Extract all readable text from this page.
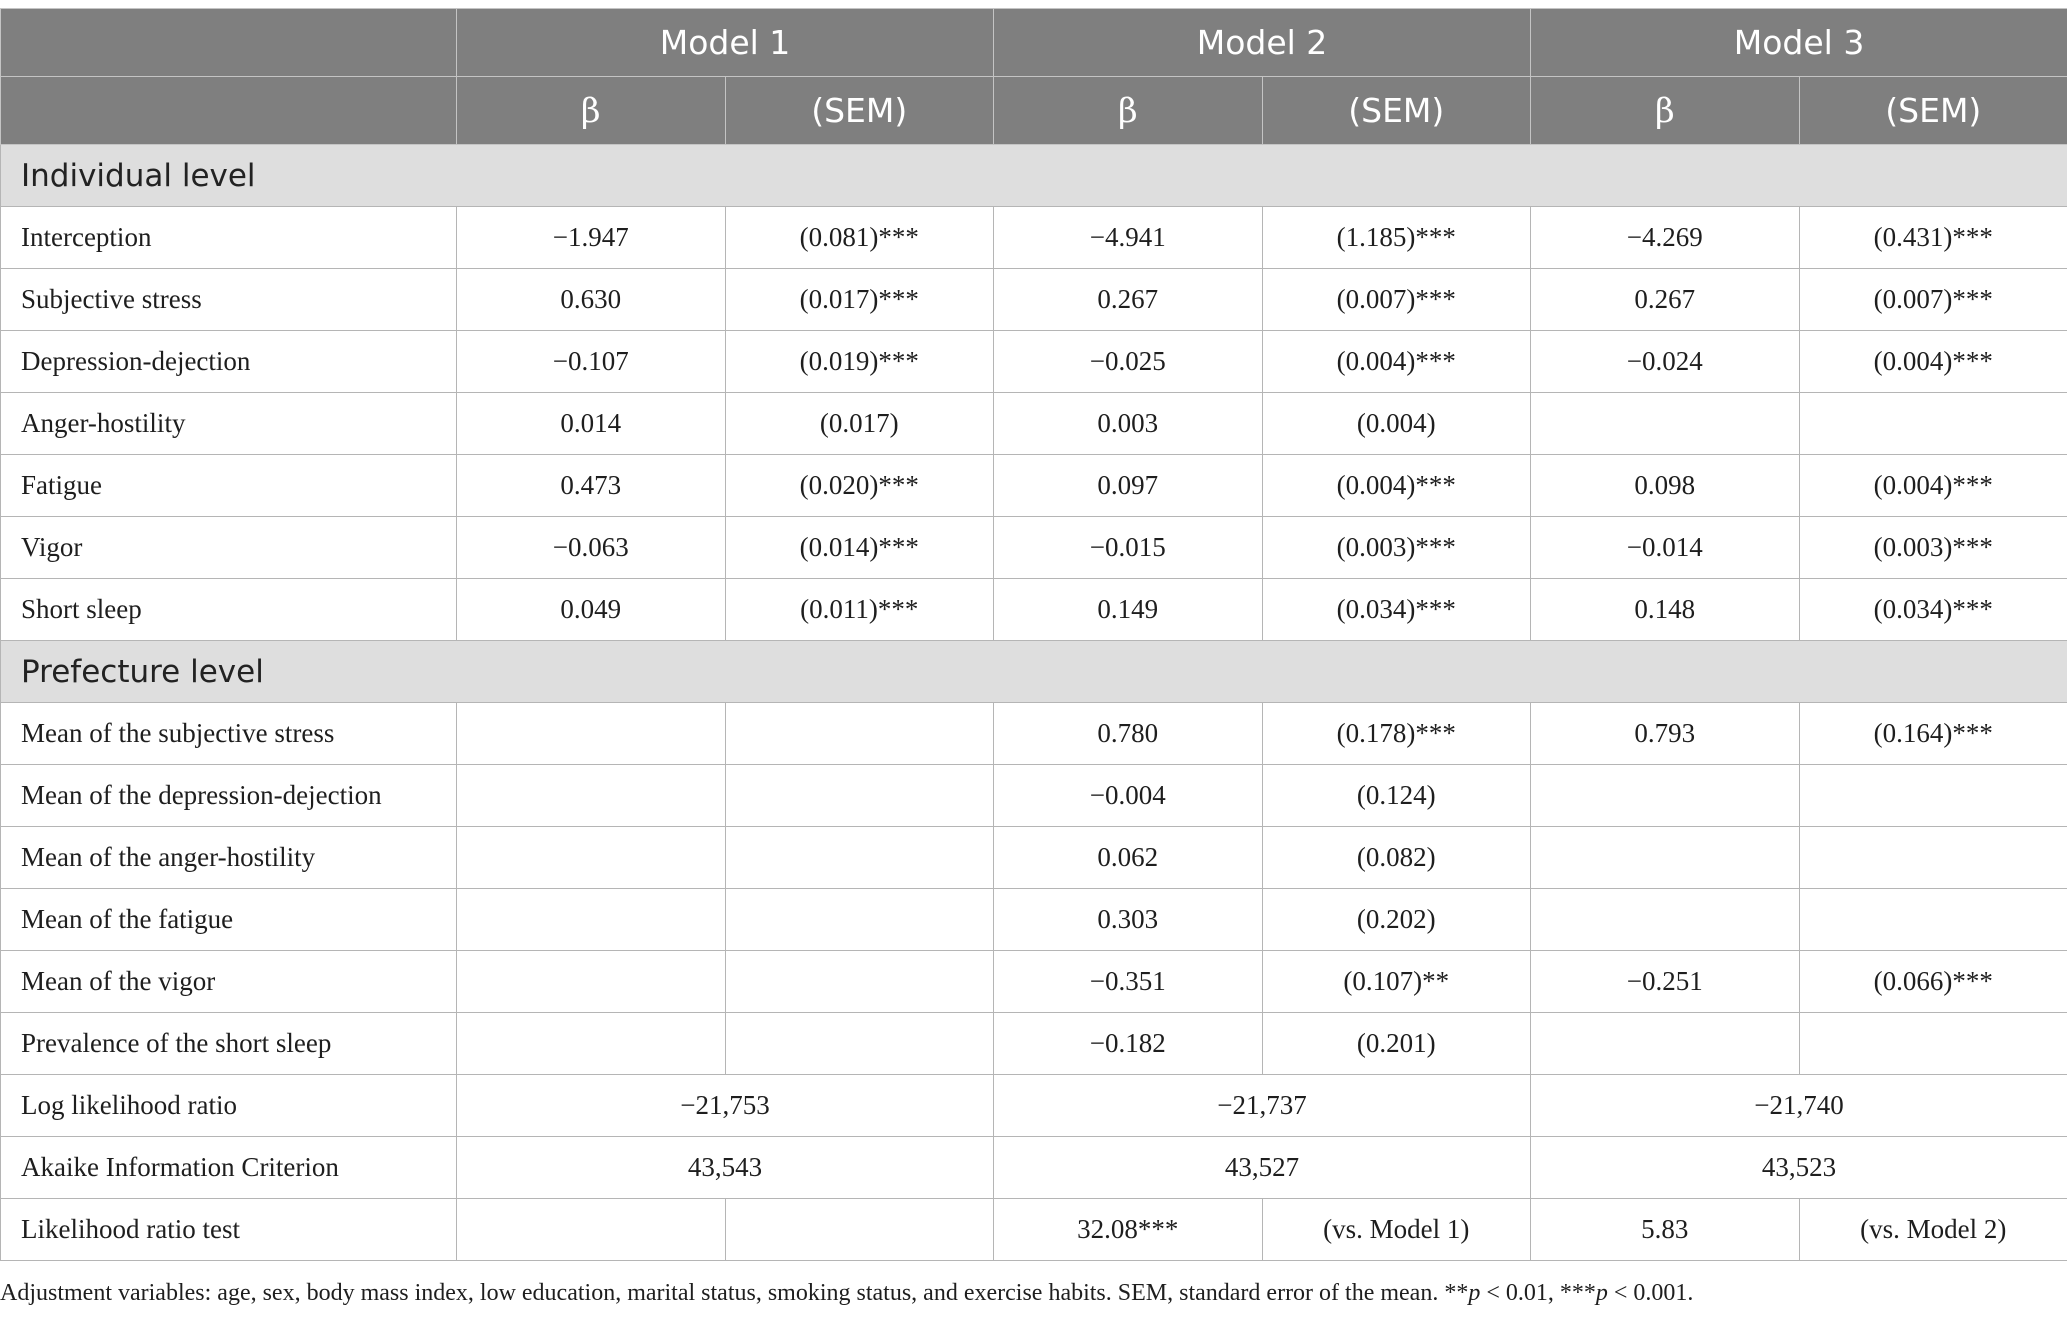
	Model 1		Model 2		Model 3	
	β	(SEM)	β	(SEM)	β	(SEM)
Individual level						
Interception	−1.947	(0.081)***	−4.941	(1.185)***	−4.269	(0.431)***
Subjective stress	0.630	(0.017)***	0.267	(0.007)***	0.267	(0.007)***
Depression-dejection	−0.107	(0.019)***	−0.025	(0.004)***	−0.024	(0.004)***
Anger-hostility	0.014	(0.017)	0.003	(0.004)		
Fatigue	0.473	(0.020)***	0.097	(0.004)***	0.098	(0.004)***
Vigor	−0.063	(0.014)***	−0.015	(0.003)***	−0.014	(0.003)***
Short sleep	0.049	(0.011)***	0.149	(0.034)***	0.148	(0.034)***
Prefecture level						
Mean of the subjective stress			0.780	(0.178)***	0.793	(0.164)***
Mean of the depression-dejection			−0.004	(0.124)		
Mean of the anger-hostility			0.062	(0.082)		
Mean of the fatigue			0.303	(0.202)		
Mean of the vigor			−0.351	(0.107)**	−0.251	(0.066)***
Prevalence of the short sleep			−0.182	(0.201)		
Log likelihood ratio	−21,753		−21,737		−21,740	
Akaike Information Criterion	43,543		43,527		43,523	
Likelihood ratio test			32.08***	(vs. Model 1)	5.83	(vs. Model 2)
Adjustment variables: age, sex, body mass index, low education, marital status, smoking status, and exercise habits. SEM, standard error of the mean. **p < 0.01, ***p < 0.001.
